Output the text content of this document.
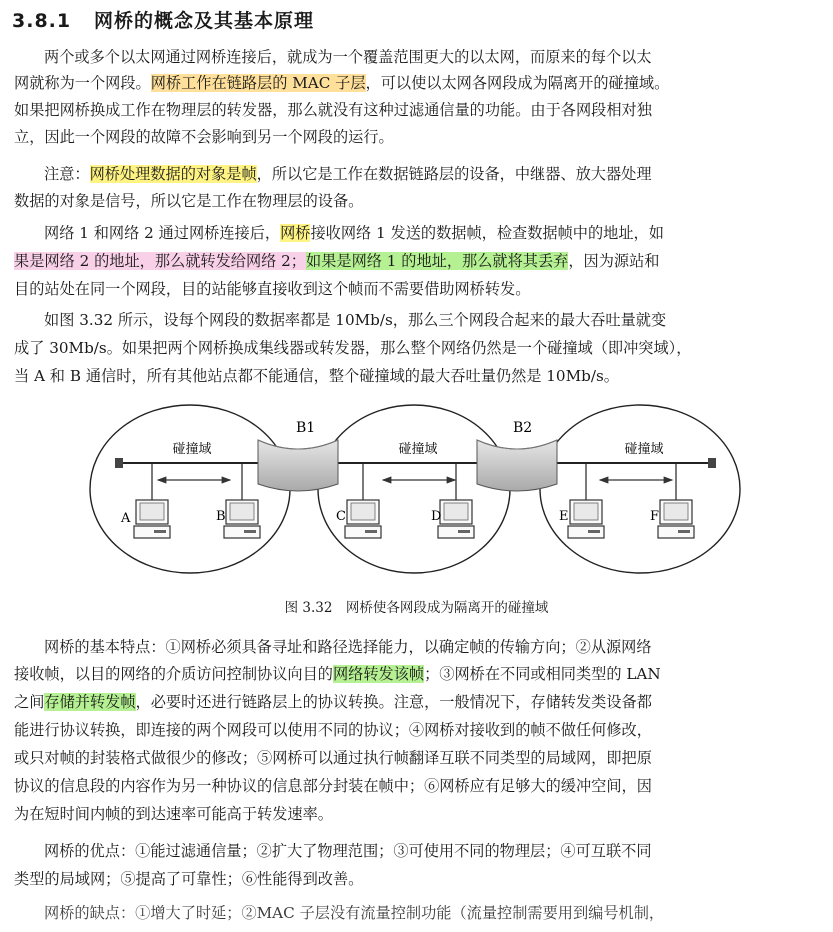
3.8.1 网桥的概念及其基本原理
两个或多个以太网通过网桥连接后，就成为一个覆盖范围更大的以太网，而原来的每个以太
网就称为一个网段。网桥工作在链路层的 MAC 子层，可以使以太网各网段成为隔离开的碰撞域。
如果把网桥换成工作在物理层的转发器，那么就没有这种过滤通信量的功能。由于各网段相对独
立，因此一个网段的故障不会影响到另一个网段的运行。
注意：网桥处理数据的对象是帧，所以它是工作在数据链路层的设备，中继器、放大器处理
数据的对象是信号，所以它是工作在物理层的设备。
网络 1 和网络 2 通过网桥连接后，网桥接收网络 1 发送的数据帧，检查数据帧中的地址，如
果是网络 2 的地址，那么就转发给网络 2；如果是网络 1 的地址，那么就将其丢弃，因为源站和
目的站处在同一个网段，目的站能够直接收到这个帧而不需要借助网桥转发。
如图 3.32 所示，设每个网段的数据率都是 10Mb/s，那么三个网段合起来的最大吞吐量就变
成了 30Mb/s。如果把两个网桥换成集线器或转发器，那么整个网络仍然是一个碰撞域（即冲突域），
当 A 和 B 通信时，所有其他站点都不能通信，整个碰撞域的最大吞吐量仍然是 10Mb/s。
碰撞域	碰撞域	碰撞域
B1	B2
A	B	C	D	E	F
图 3.32　网桥使各网段成为隔离开的碰撞域
网桥的基本特点：①网桥必须具备寻址和路径选择能力，以确定帧的传输方向；②从源网络
接收帧，以目的网络的介质访问控制协议向目的网络转发该帧；③网桥在不同或相同类型的 LAN
之间存储并转发帧，必要时还进行链路层上的协议转换。注意，一般情况下，存储转发类设备都
能进行协议转换，即连接的两个网段可以使用不同的协议；④网桥对接收到的帧不做任何修改，
或只对帧的封装格式做很少的修改；⑤网桥可以通过执行帧翻译互联不同类型的局域网，即把原
协议的信息段的内容作为另一种协议的信息部分封装在帧中；⑥网桥应有足够大的缓冲空间，因
为在短时间内帧的到达速率可能高于转发速率。
网桥的优点：①能过滤通信量；②扩大了物理范围；③可使用不同的物理层；④可互联不同
类型的局域网；⑤提高了可靠性；⑥性能得到改善。
网桥的缺点：①增大了时延；②MAC 子层没有流量控制功能（流量控制需要用到编号机制，
